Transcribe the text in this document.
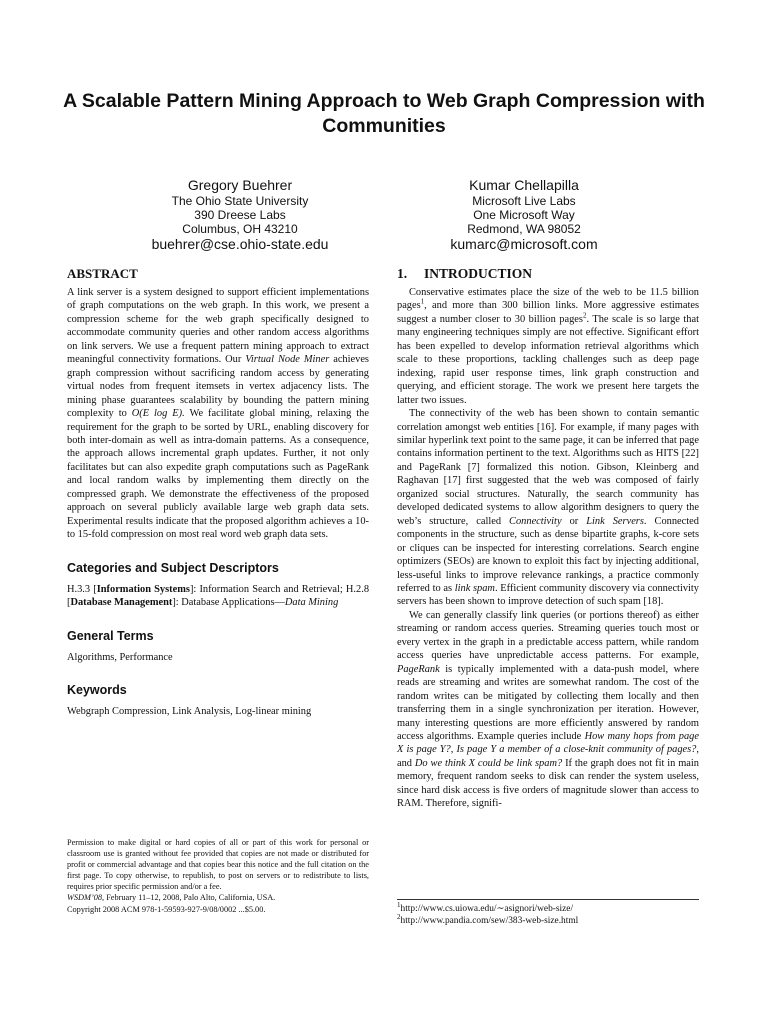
A Scalable Pattern Mining Approach to Web Graph Compression with Communities
Gregory Buehrer
The Ohio State University
390 Dreese Labs
Columbus, OH 43210
buehrer@cse.ohio-state.edu
Kumar Chellapilla
Microsoft Live Labs
One Microsoft Way
Redmond, WA 98052
kumarc@microsoft.com
ABSTRACT

A link server is a system designed to support efficient implementations of graph computations on the web graph. In this work, we present a compression scheme for the web graph specifically designed to accommodate community queries and other random access algorithms on link servers. We use a frequent pattern mining approach to extract meaningful connectivity formations. Our Virtual Node Miner achieves graph compression without sacrificing random access by generating virtual nodes from frequent itemsets in vertex adjacency lists. The mining phase guarantees scalability by bounding the pattern mining complexity to O(E log E). We facilitate global mining, relaxing the requirement for the graph to be sorted by URL, enabling discovery for both inter-domain as well as intra-domain patterns. As a consequence, the approach allows incremental graph updates. Further, it not only facilitates but can also expedite graph computations such as PageRank and local random walks by implementing them directly on the compressed graph. We demonstrate the effectiveness of the proposed approach on several publicly available large web graph data sets. Experimental results indicate that the proposed algorithm achieves a 10- to 15-fold compression on most real word web graph data sets.

Categories and Subject Descriptors

H.3.3 [Information Systems]: Information Search and Retrieval; H.2.8 [Database Management]: Database Applications—Data Mining

General Terms

Algorithms, Performance

Keywords

Webgraph Compression, Link Analysis, Log-linear mining

Permission to make digital or hard copies of all or part of this work for personal or classroom use is granted without fee provided that copies are not made or distributed for profit or commercial advantage and that copies bear this notice and the full citation on the first page. To copy otherwise, to republish, to post on servers or to redistribute to lists, requires prior specific permission and/or a fee.
WSDM’08, February 11–12, 2008, Palo Alto, California, USA.
Copyright 2008 ACM 978-1-59593-927-9/08/0002 ...$5.00.
1. INTRODUCTION

Conservative estimates place the size of the web to be 11.5 billion pages$^1$, and more than 300 billion links. More aggressive estimates suggest a number closer to 30 billion pages$^2$. The scale is so large that many engineering techniques simply are not effective. Significant effort has been expelled to develop information retrieval algorithms which scale to these proportions, tackling challenges such as deep page indexing, rapid user response times, link graph construction and querying, and efficient storage. The work we present here targets the latter two issues.

The connectivity of the web has been shown to contain semantic correlation amongst web entities [16]. For example, if many pages with similar hyperlink text point to the same page, it can be inferred that page contains information pertinent to the text. Algorithms such as HITS [22] and PageRank [7] formalized this notion. Gibson, Kleinberg and Raghavan [17] first suggested that the web was composed of fairly organized social structures. Naturally, the search community has developed dedicated systems to allow algorithm designers to query the web’s structure, called Connectivity or Link Servers. Connected components in the structure, such as dense bipartite graphs, k-core sets or cliques can be inspected for interesting correlations. Search engine optimizers (SEOs) are known to exploit this fact by injecting additional, less-useful links to improve relevance rankings, a practice commonly referred to as link spam. Efficient community discovery via connectivity servers has been shown to improve detection of such spam [18].

We can generally classify link queries (or portions thereof) as either streaming or random access queries. Streaming queries touch most or every vertex in the graph in a predictable access pattern, while random access queries have unpredictable access patterns. For example, PageRank is typically implemented with a data-push model, where reads are streaming and writes are somewhat random. The cost of the random writes can be mitigated by collecting them locally and then transferring them in a single synchronization per iteration. However, many interesting questions are more efficiently answered by random access algorithms. Example queries include How many hops from page X is page Y?, Is page Y a member of a close-knit community of pages?, and Do we think X could be link spam? If the graph does not fit in main memory, frequent random seeks to disk can render the system useless, since hard disk access is five orders of magnitude slower than access to RAM. Therefore, signifi-

$^1$http://www.cs.uiowa.edu/∼asignori/web-size/
$^2$http://www.pandia.com/sew/383-web-size.html
